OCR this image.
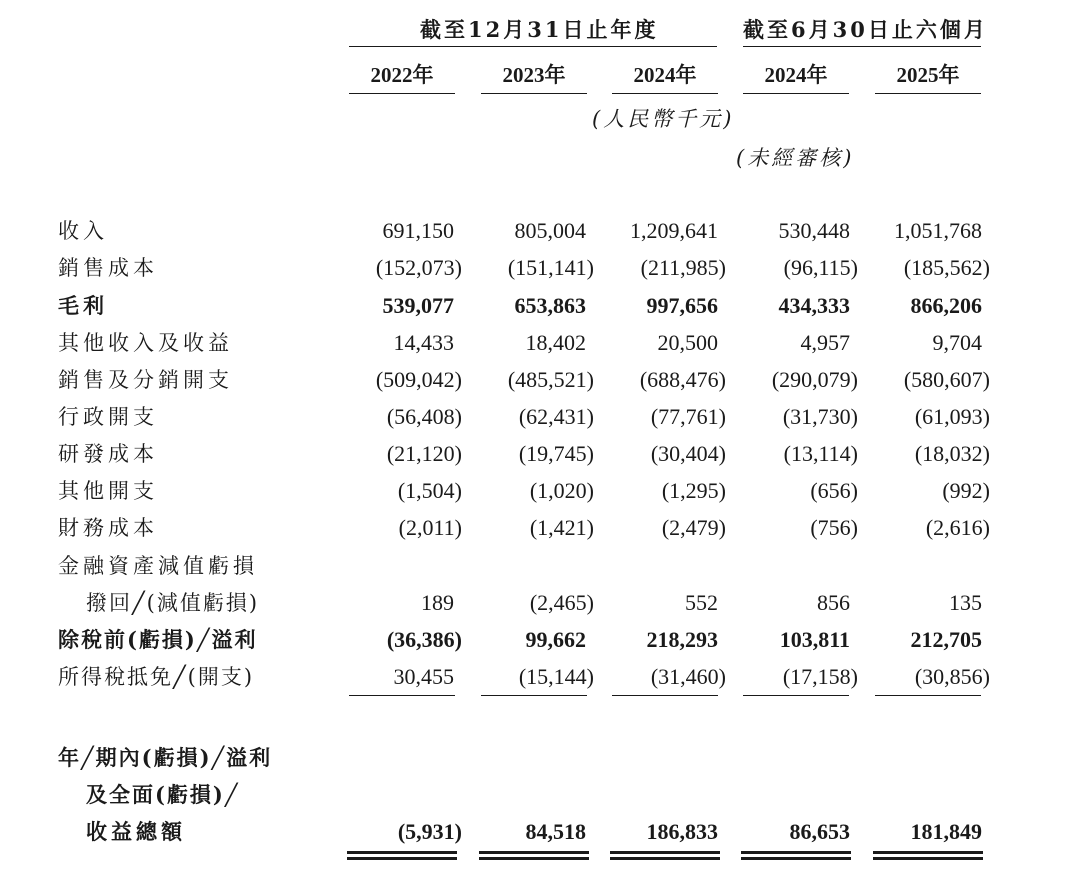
截至12月31日止年度	截至6月30日止六個月
2022年	2023年	2024年	2024年	2025年
(人民幣千元)
(未經審核)
收入	691,150	805,004	1,209,641	530,448	1,051,768
銷售成本	(152,073)	(151,141)	(211,985)	(96,115)	(185,562)
毛利	539,077	653,863	997,656	434,333	866,206
其他收入及收益	14,433	18,402	20,500	4,957	9,704
銷售及分銷開支	(509,042)	(485,521)	(688,476)	(290,079)	(580,607)
行政開支	(56,408)	(62,431)	(77,761)	(31,730)	(61,093)
研發成本	(21,120)	(19,745)	(30,404)	(13,114)	(18,032)
其他開支	(1,504)	(1,020)	(1,295)	(656)	(992)
財務成本	(2,011)	(1,421)	(2,479)	(756)	(2,616)
金融資產減值虧損
撥回╱(減值虧損)	189	(2,465)	552	856	135
除稅前(虧損)╱溢利	(36,386)	99,662	218,293	103,811	212,705
所得稅抵免╱(開支)	30,455	(15,144)	(31,460)	(17,158)	(30,856)
年╱期內(虧損)╱溢利
及全面(虧損)╱
收益總額	(5,931)	84,518	186,833	86,653	181,849
